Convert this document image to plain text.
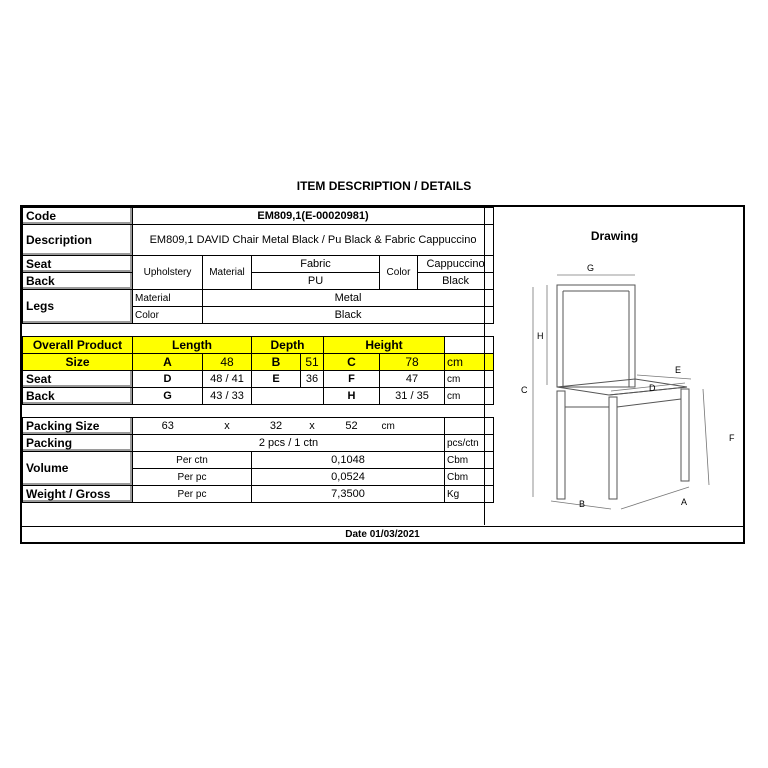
ITEM DESCRIPTION / DETAILS
Code	EM809,1(E-00020981)							
Description	EM809,1 DAVID Chair Metal Black / Pu Black & Fabric Cappuccino							
Seat	Upholstery	Material	Fabric			Color	Cappuccino	
Back			PU				Black	
Legs	Material	Metal						
	Color	Black						

Overall Product	Length		Depth		Height			
Size	A	48	B	51	C	78		cm
Seat	D	48 / 41	E	36	F	47		cm
Back	G	43 / 33			H	31 / 35		cm

Packing Size	63	x	32	x	52	cm		
Packing	2 pcs / 1 ctn							pcs/ctn
Volume	Per ctn		0,1048					Cbm
	Per pc		0,0524					Cbm
Weight / Gross	Per pc		7,3500					Kg
Drawing
G
H
C
E
D
F
B	A
Date 01/03/2021
